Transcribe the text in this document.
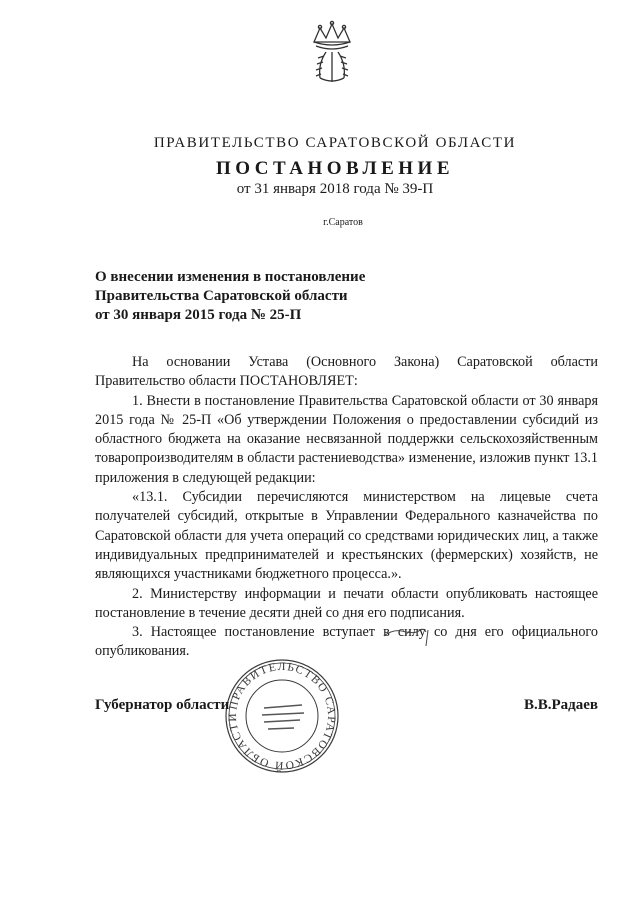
ПРАВИТЕЛЬСТВО САРАТОВСКОЙ ОБЛАСТИ
ПОСТАНОВЛЕНИЕ
от 31 января 2018 года № 39-П
г.Саратов
О внесении изменения в постановление
Правительства Саратовской области
от 30 января 2015 года № 25-П

На основании Устава (Основного Закона) Саратовской области Правительство области ПОСТАНОВЛЯЕТ:

1. Внести в постановление Правительства Саратовской области от 30 января 2015 года № 25-П «Об утверждении Положения о предоставлении субсидий из областного бюджета на оказание несвязанной поддержки сельскохозяйственным товаропроизводителям в области растениеводства» изменение, изложив пункт 13.1 приложения в следующей редакции:

«13.1. Субсидии перечисляются министерством на лицевые счета получателей субсидий, открытые в Управлении Федерального казначейства по Саратовской области для учета операций со средствами юридических лиц, а также индивидуальных предпринимателей и крестьянских (фермерских) хозяйств, не являющихся участниками бюджетного процесса.».

2. Министерству информации и печати области опубликовать настоящее постановление в течение десяти дней со дня его подписания.

3. Настоящее постановление вступает в силу со дня его официального опубликования.

ПРАВИТЕЛЬСТВО САРАТОВСКОЙ ОБЛАСТИ
Губернатор области	В.В.Радаев
